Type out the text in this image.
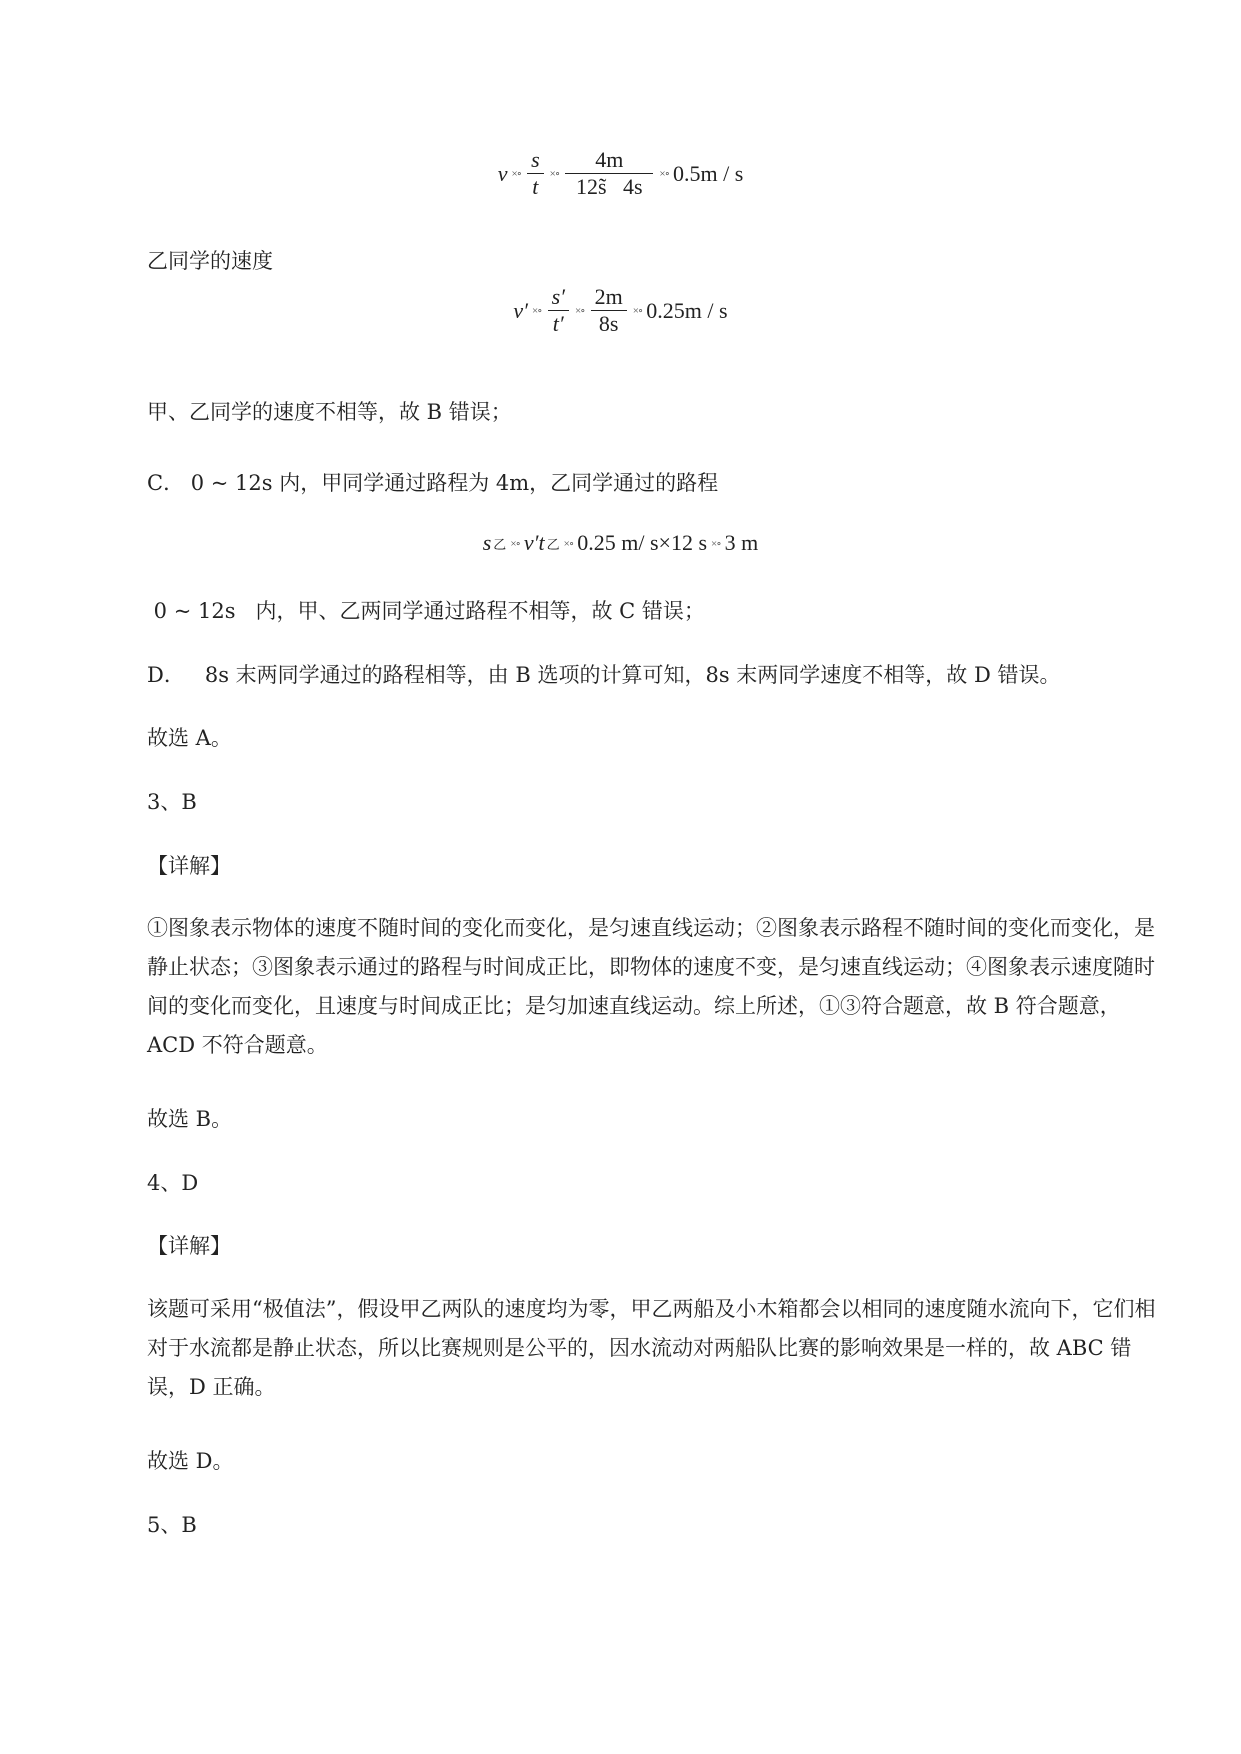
v ×∘ $\frac{s}{t}$ ×∘ $\frac{4m}{12s̃ 4s}$ ×∘ 0.5m / s
乙同学的速度
v′ ×∘ $\frac{s'}{t'}$ ×∘ $\frac{2m}{8s}$ ×∘ 0.25m / s
甲、乙同学的速度不相等，故 B 错误；
C． 0 ~ 12s 内，甲同学通过路程为 4m，乙同学通过的路程
s 乙 ×∘ v′t 乙 ×∘ 0.25 m/ s×12 s ×∘ 3 m
0 ~ 12s   内，甲、乙两同学通过路程不相等，故 C 错误；
D．   8s 末两同学通过的路程相等，由 B 选项的计算可知，8s 末两同学速度不相等，故 D 错误。
故选 A。
3、B
【详解】
①图象表示物体的速度不随时间的变化而变化，是匀速直线运动；②图象表示路程不随时间的变化而变化，是静止状态；③图象表示通过的路程与时间成正比，即物体的速度不变，是匀速直线运动；④图象表示速度随时间的变化而变化，且速度与时间成正比；是匀加速直线运动。综上所述，①③符合题意，故 B 符合题意，ACD 不符合题意。
故选 B。
4、D
【详解】
该题可采用“极值法”，假设甲乙两队的速度均为零，甲乙两船及小木箱都会以相同的速度随水流向下，它们相对于水流都是静止状态，所以比赛规则是公平的，因水流动对两船队比赛的影响效果是一样的，故 ABC 错误，D 正确。
故选 D。
5、B
